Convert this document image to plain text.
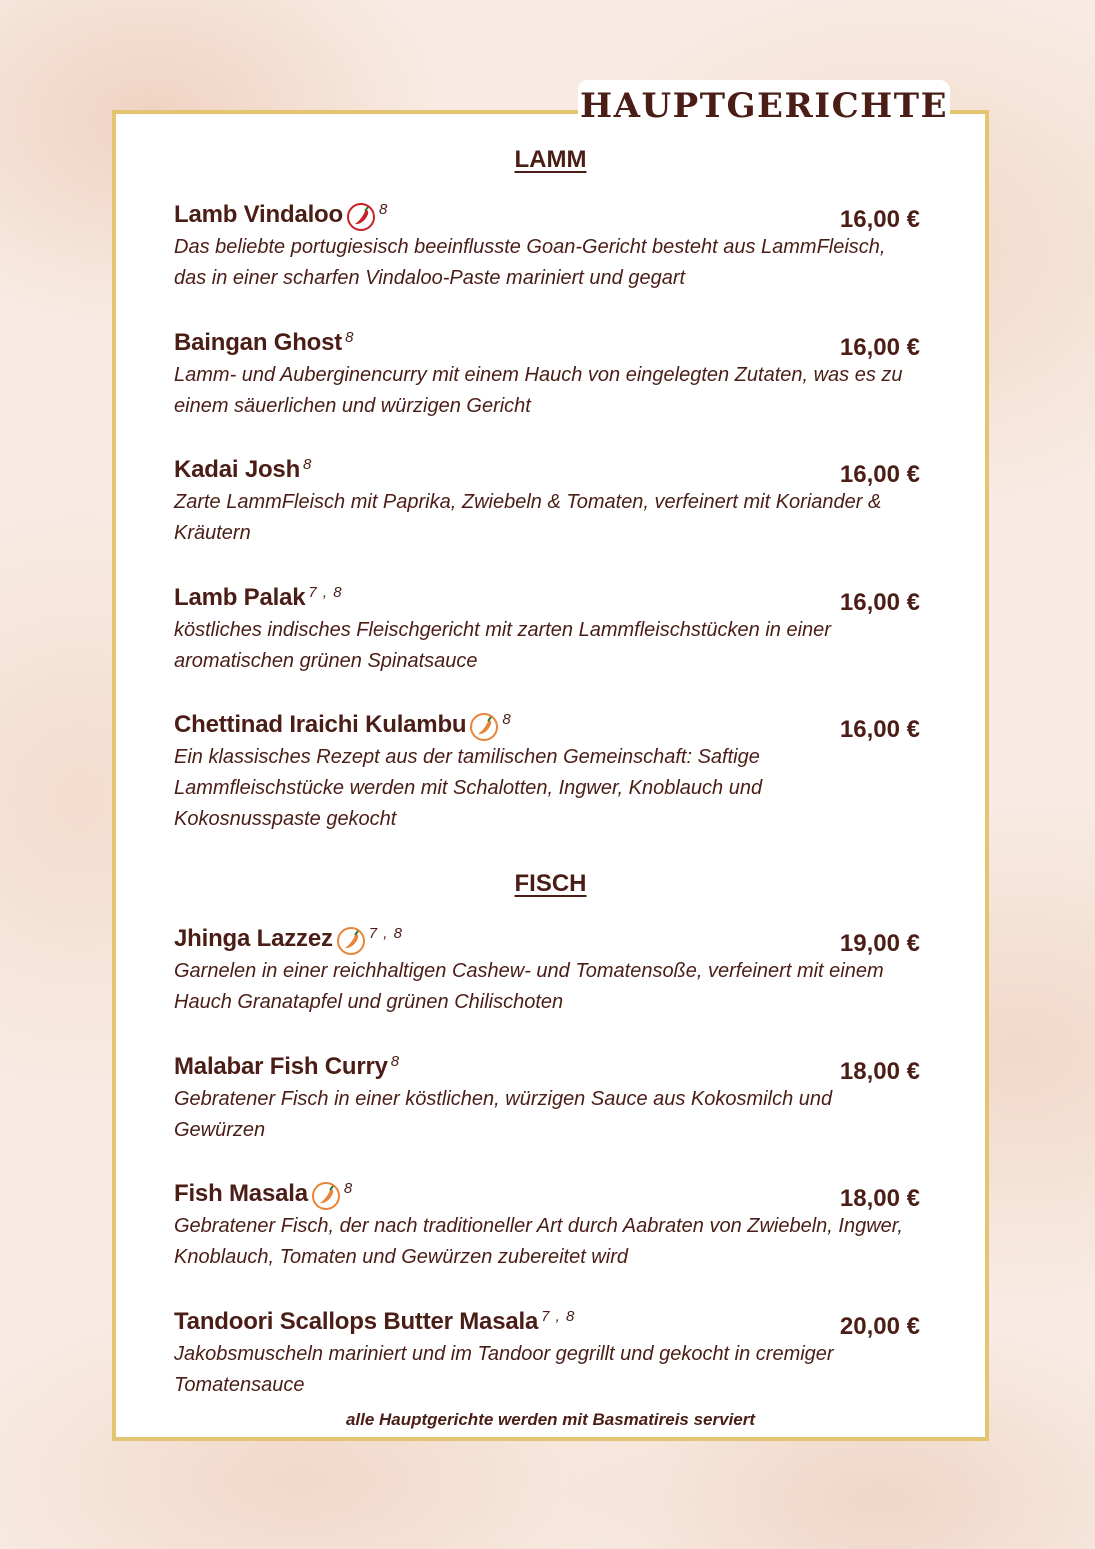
HAUPTGERICHTE
LAMM
Lamb Vindaloo 8	16,00 €
Das beliebte portugiesisch beeinflusste Goan-Gericht besteht aus LammFleisch, das in einer scharfen Vindaloo-Paste mariniert und gegart
Baingan Ghost 8	16,00 €
Lamm- und Auberginencurry mit einem Hauch von eingelegten Zutaten, was es zu einem säuerlichen und würzigen Gericht
Kadai Josh 8	16,00 €
Zarte LammFleisch mit Paprika, Zwiebeln & Tomaten, verfeinert mit Koriander & Kräutern
Lamb Palak 7 , 8	16,00 €
köstliches indisches Fleischgericht mit zarten Lammfleischstücken in einer aromatischen grünen Spinatsauce
Chettinad Iraichi Kulambu 8	16,00 €
Ein klassisches Rezept aus der tamilischen Gemeinschaft: Saftige Lammfleischstücke werden mit Schalotten, Ingwer, Knoblauch und Kokosnusspaste gekocht
FISCH
Jhinga Lazzez 7 , 8	19,00 €
Garnelen in einer reichhaltigen Cashew- und Tomatensoße, verfeinert mit einem Hauch Granatapfel und grünen Chilischoten
Malabar Fish Curry 8	18,00 €
Gebratener Fisch in einer köstlichen, würzigen Sauce aus Kokosmilch und Gewürzen
Fish Masala 8	18,00 €
Gebratener Fisch, der nach traditioneller Art durch Aabraten von Zwiebeln, Ingwer, Knoblauch, Tomaten und Gewürzen zubereitet wird
Tandoori Scallops Butter Masala 7 , 8	20,00 €
Jakobsmuscheln mariniert und im Tandoor gegrillt und gekocht in cremiger Tomatensauce
alle Hauptgerichte werden mit Basmatireis serviert
